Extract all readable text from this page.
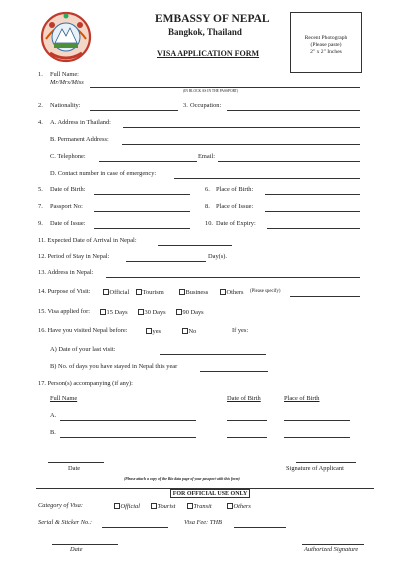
EMBASSY OF NEPAL
Bangkok, Thailand
VISA APPLICATION FORM
Recent Photograph
(Please paste)
2" x 2" Inches
1. Full Name:
Mr/Mrs/Miss
(IN BLOCK AS IN THE PASSPORT)
2. Nationality:	3. Occupation:
4. A. Address in Thailand:
B. Permanent Address:
C. Telephone:	Email:
D. Contact number in case of emergency:
5. Date of Birth:	6. Place of Birth:
7. Passport No:	8. Place of Issue:
9. Date of Issue:	10. Date of Expiry:
11. Expected Date of Arrival in Nepal:
12. Period of Stay in Nepal:	Day(s).
13. Address in Nepal:
14. Purpose of Visit:	Official	Tourism	Business	Others (Please specify)
15. Visa applied for:	15 Days	30 Days	90 Days
16. Have you visited Nepal before:	yes	No	If yes:
A) Date of your last visit:
B) No. of days you have stayed in Nepal this year
17. Person(s) accompanying (if any):
Full Name	Date of Birth	Place of Birth
A.
B.
Date	Signature of Applicant
(Please attach a copy of the Bio data page of your passport with this form)
FOR OFFICIAL USE ONLY
Category of Visa:	Official	Tourist	Transit	Others
Serial & Sticker No.:	Visa Fee: THB
Date	Authorized Signature
